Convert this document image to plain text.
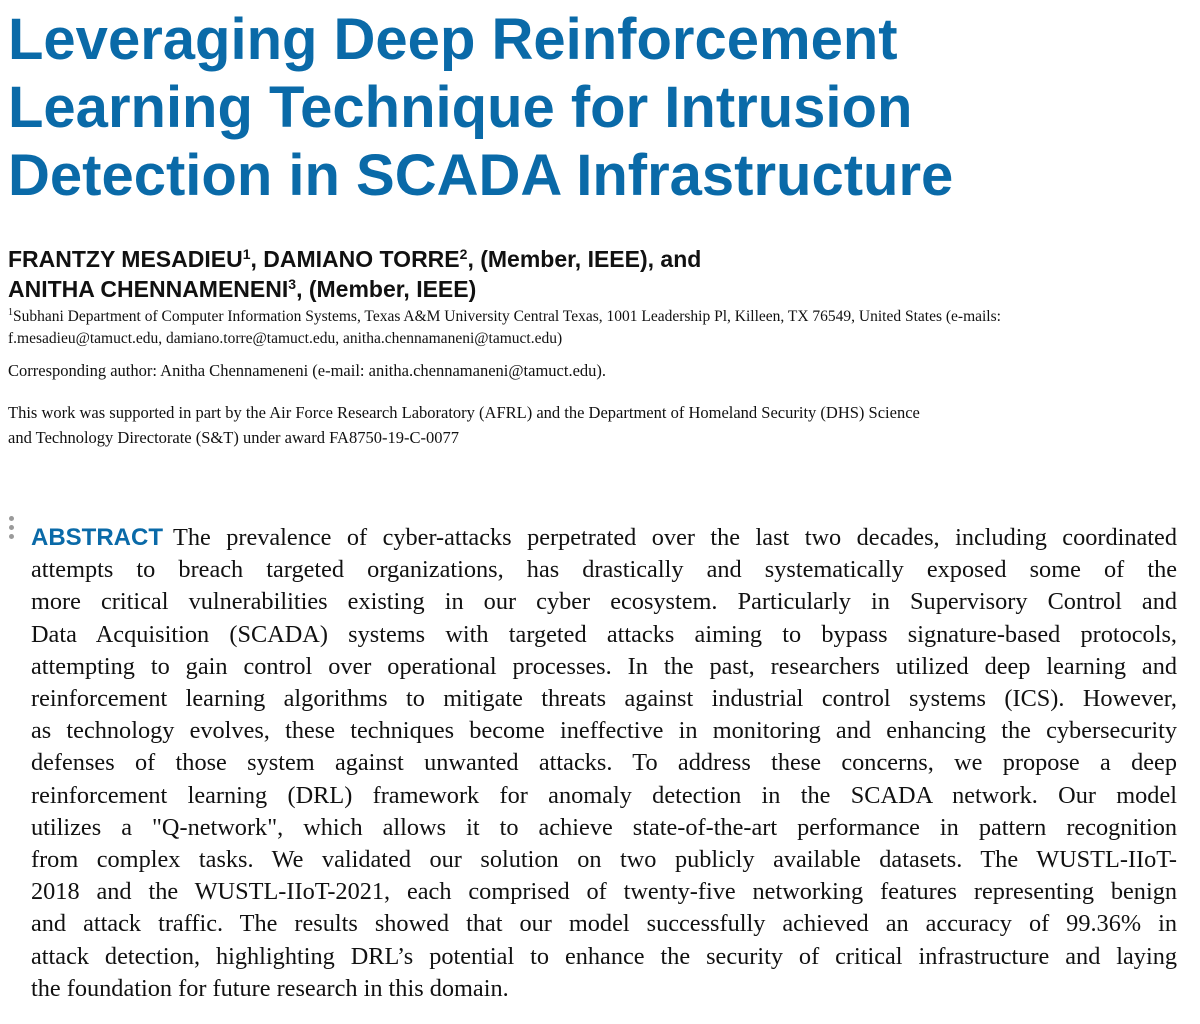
Leveraging Deep Reinforcement
Learning Technique for Intrusion
Detection in SCADA Infrastructure
FRANTZY MESADIEU$^1$, DAMIANO TORRE$^2$, (Member, IEEE), and
ANITHA CHENNAMENENI$^3$, (Member, IEEE)
$^1$Subhani Department of Computer Information Systems, Texas A&M University Central Texas, 1001 Leadership Pl, Killeen, TX 76549, United States (e-mails:
f.mesadieu@tamuct.edu, damiano.torre@tamuct.edu, anitha.chennamaneni@tamuct.edu)
Corresponding author: Anitha Chennameneni (e-mail: anitha.chennamaneni@tamuct.edu).
This work was supported in part by the Air Force Research Laboratory (AFRL) and the Department of Homeland Security (DHS) Science
and Technology Directorate (S&T) under award FA8750-19-C-0077
ABSTRACT The prevalence of cyber-attacks perpetrated over the last two decades, including coordinated
attempts to breach targeted organizations, has drastically and systematically exposed some of the
more critical vulnerabilities existing in our cyber ecosystem. Particularly in Supervisory Control and
Data Acquisition (SCADA) systems with targeted attacks aiming to bypass signature-based protocols,
attempting to gain control over operational processes. In the past, researchers utilized deep learning and
reinforcement learning algorithms to mitigate threats against industrial control systems (ICS). However,
as technology evolves, these techniques become ineffective in monitoring and enhancing the cybersecurity
defenses of those system against unwanted attacks. To address these concerns, we propose a deep
reinforcement learning (DRL) framework for anomaly detection in the SCADA network. Our model
utilizes a "Q-network", which allows it to achieve state-of-the-art performance in pattern recognition
from complex tasks. We validated our solution on two publicly available datasets. The WUSTL-IIoT-
2018 and the WUSTL-IIoT-2021, each comprised of twenty-five networking features representing benign
and attack traffic. The results showed that our model successfully achieved an accuracy of 99.36% in
attack detection, highlighting DRL’s potential to enhance the security of critical infrastructure and laying
the foundation for future research in this domain.
